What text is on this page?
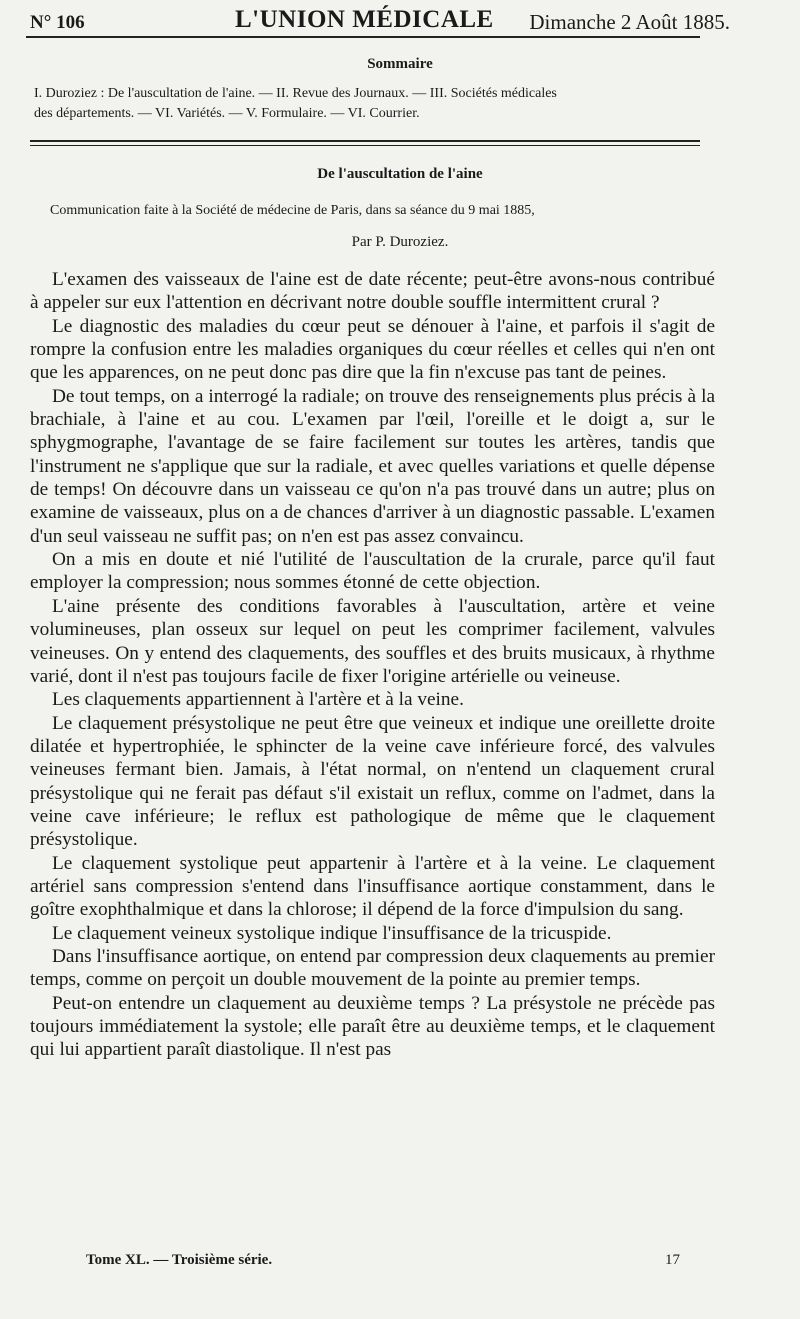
N° 106	L'UNION MÉDICALE Dimanche 2 Août 1885.
Sommaire
I. Duroziez : De l'auscultation de l'aine. — II. Revue des Journaux. — III. Sociétés médicales
des départements. — VI. Variétés. — V. Formulaire. — VI. Courrier.
De l'auscultation de l'aine
Communication faite à la Société de médecine de Paris, dans sa séance du 9 mai 1885,
Par P. Duroziez.

L'examen des vaisseaux de l'aine est de date récente; peut-être avons-nous contribué à appeler sur eux l'attention en décrivant notre double souffle intermittent crural ?

Le diagnostic des maladies du cœur peut se dénouer à l'aine, et parfois il s'agit de rompre la confusion entre les maladies organiques du cœur réelles et celles qui n'en ont que les apparences, on ne peut donc pas dire que la fin n'excuse pas tant de peines.

De tout temps, on a interrogé la radiale; on trouve des renseignements plus précis à la brachiale, à l'aine et au cou. L'examen par l'œil, l'oreille et le doigt a, sur le sphygmographe, l'avantage de se faire facilement sur toutes les artères, tandis que l'instrument ne s'applique que sur la radiale, et avec quelles variations et quelle dépense de temps! On découvre dans un vaisseau ce qu'on n'a pas trouvé dans un autre; plus on examine de vaisseaux, plus on a de chances d'arriver à un diagnostic passable. L'examen d'un seul vaisseau ne suffit pas; on n'en est pas assez convaincu.

On a mis en doute et nié l'utilité de l'auscultation de la crurale, parce qu'il faut employer la compression; nous sommes étonné de cette objection.

L'aine présente des conditions favorables à l'auscultation, artère et veine volumineuses, plan osseux sur lequel on peut les comprimer facilement, valvules veineuses. On y entend des claquements, des souffles et des bruits musicaux, à rhythme varié, dont il n'est pas toujours facile de fixer l'origine artérielle ou veineuse.

Les claquements appartiennent à l'artère et à la veine.

Le claquement présystolique ne peut être que veineux et indique une oreillette droite dilatée et hypertrophiée, le sphincter de la veine cave inférieure forcé, des valvules veineuses fermant bien. Jamais, à l'état normal, on n'entend un claquement crural présystolique qui ne ferait pas défaut s'il existait un reflux, comme on l'admet, dans la veine cave inférieure; le reflux est pathologique de même que le claquement présystolique.

Le claquement systolique peut appartenir à l'artère et à la veine. Le claquement artériel sans compression s'entend dans l'insuffisance aortique constamment, dans le goître exophthalmique et dans la chlorose; il dépend de la force d'impulsion du sang.

Le claquement veineux systolique indique l'insuffisance de la tricuspide.

Dans l'insuffisance aortique, on entend par compression deux claquements au premier temps, comme on perçoit un double mouvement de la pointe au premier temps.

Peut-on entendre un claquement au deuxième temps ? La présystole ne précède pas toujours immédiatement la systole; elle paraît être au deuxième temps, et le claquement qui lui appartient paraît diastolique. Il n'est pas

Tome XL. — Troisième série.	17
